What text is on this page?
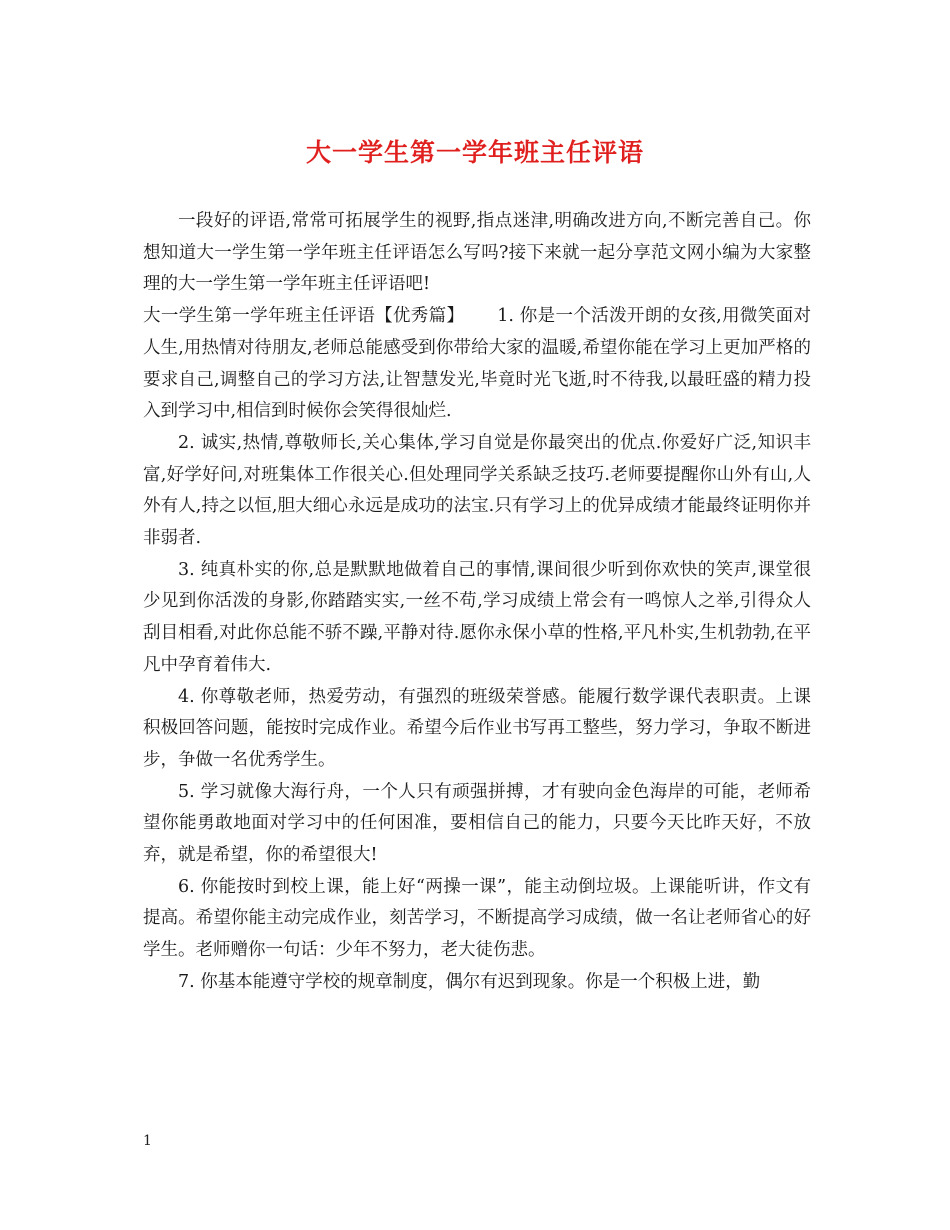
大一学生第一学年班主任评语

一段好的评语,常常可拓展学生的视野,指点迷津,明确改进方向,不断完善自己。你想知道大一学生第一学年班主任评语怎么写吗?接下来就一起分享范文网小编为大家整理的大一学生第一学年班主任评语吧!

大一学生第一学年班主任评语【优秀篇】　　 1. 你是一个活泼开朗的女孩,用微笑面对人生,用热情对待朋友,老师总能感受到你带给大家的温暖,希望你能在学习上更加严格的要求自己,调整自己的学习方法,让智慧发光,毕竟时光飞逝,时不待我,以最旺盛的精力投入到学习中,相信到时候你会笑得很灿烂.

2. 诚实,热情,尊敬师长,关心集体,学习自觉是你最突出的优点.你爱好广泛,知识丰富,好学好问,对班集体工作很关心.但处理同学关系缺乏技巧.老师要提醒你山外有山,人外有人,持之以恒,胆大细心永远是成功的法宝.只有学习上的优异成绩才能最终证明你并非弱者.

3. 纯真朴实的你,总是默默地做着自己的事情,课间很少听到你欢快的笑声,课堂很少见到你活泼的身影,你踏踏实实,一丝不苟,学习成绩上常会有一鸣惊人之举,引得众人刮目相看,对此你总能不骄不躁,平静对待.愿你永保小草的性格,平凡朴实,生机勃勃,在平凡中孕育着伟大.

4. 你尊敬老师，热爱劳动，有强烈的班级荣誉感。能履行数学课代表职责。上课积极回答问题，能按时完成作业。希望今后作业书写再工整些，努力学习，争取不断进步，争做一名优秀学生。

5. 学习就像大海行舟，一个人只有顽强拼搏，才有驶向金色海岸的可能，老师希望你能勇敢地面对学习中的任何困准，要相信自己的能力，只要今天比昨天好，不放弃，就是希望，你的希望很大!

6. 你能按时到校上课，能上好“两操一课”，能主动倒垃圾。上课能听讲，作文有提高。希望你能主动完成作业，刻苦学习，不断提高学习成绩，做一名让老师省心的好学生。老师赠你一句话：少年不努力，老大徒伤悲。

7. 你基本能遵守学校的规章制度，偶尔有迟到现象。你是一个积极上进，勤

1
